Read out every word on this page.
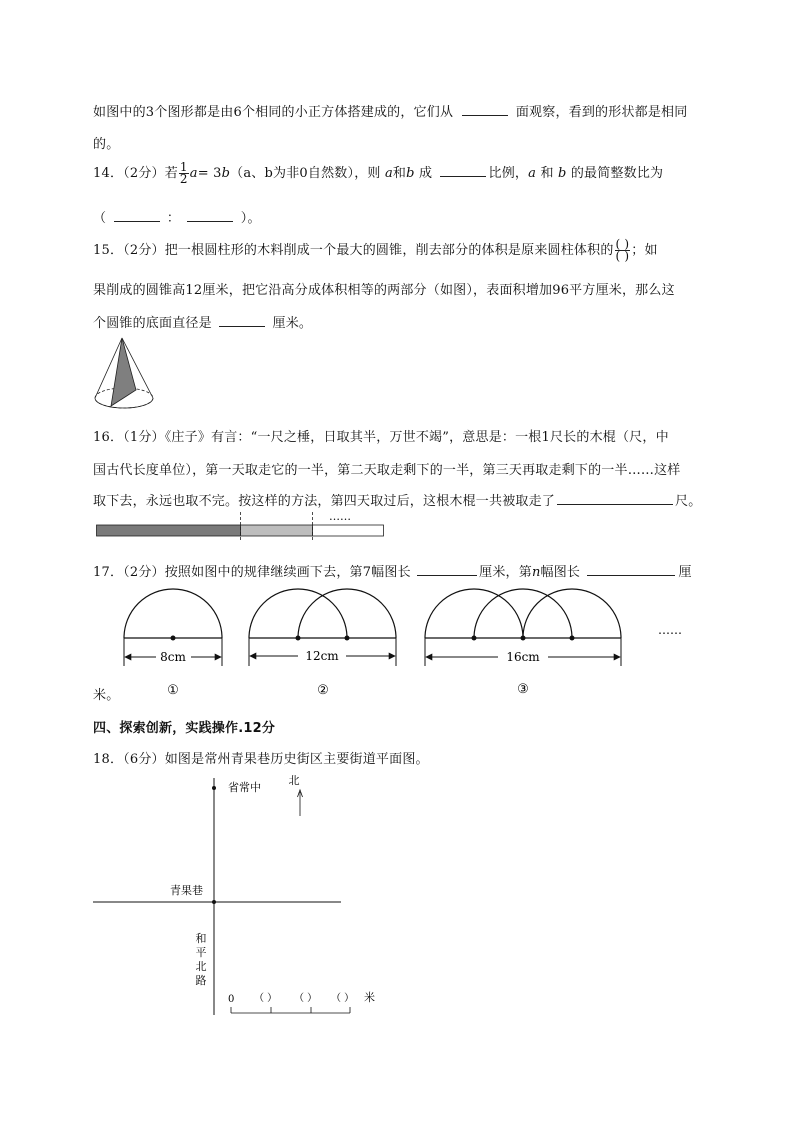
如图中的3个图形都是由6个相同的小正方体搭建成的，它们从	面观察，看到的形状都是相同
的。
14．（2分）若 $\frac{1}{2} a= 3b(a$、b为非0自然数），则 a和b 成	比例，a 和 b 的最简整数比为
（	：	）。
15．（2分）把一根圆柱形的木料削成一个最大的圆锥，削去部分的体积是原来圆柱体积的 $\frac{( )}{( )}$ ；如
果削成的圆锥高12厘米，把它沿高分成体积相等的两部分（如图），表面积增加96平方厘米，那么这
个圆锥的底面直径是	厘米。
16．（1分）《庄子》有言：“一尺之棰，日取其半，万世不竭”，意思是：一根1尺长的木棍（尺，中
国古代长度单位），第一天取走它的一半，第二天取走剩下的一半，第三天再取走剩下的一半……这样
取下去，永远也取不完。按这样的方法，第四天取过后，这根木棍一共被取走了	尺。
……
17．（2分）按照如图中的规律继续画下去，第7幅图长	厘米，第n幅图长	厘
8cm
①
12cm
②
16cm
③
……
米。
四、探索创新，实践操作.12分
18．（6分）如图是常州青果巷历史街区主要街道平面图。
省常中
北
青果巷
和
平
北
路
0 （ ） （ ） （ ） 米
